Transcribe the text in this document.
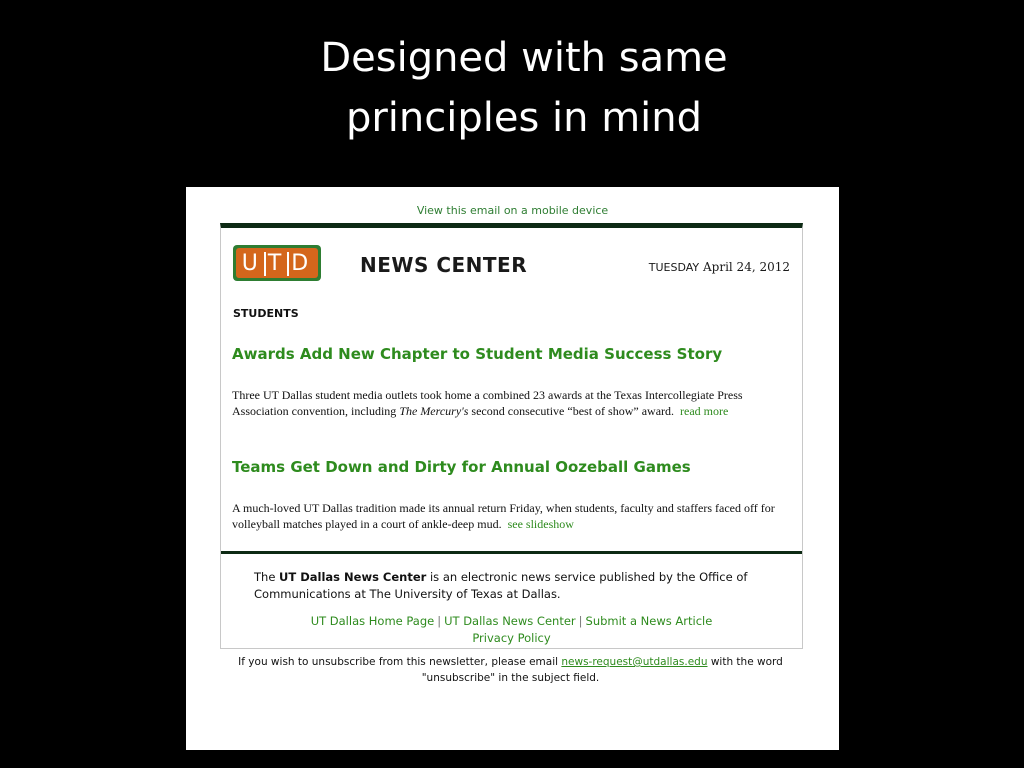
Designed with same
principles in mind
View this email on a mobile device
U T D NEWS CENTER	TUESDAY April 24, 2012
STUDENTS
Awards Add New Chapter to Student Media Success Story
Three UT Dallas student media outlets took home a combined 23 awards at the Texas Intercollegiate Press Association convention, including The Mercury's second consecutive “best of show” award. read more
Teams Get Down and Dirty for Annual Oozeball Games
A much-loved UT Dallas tradition made its annual return Friday, when students, faculty and staffers faced off for volleyball matches played in a court of ankle-deep mud. see slideshow
The UT Dallas News Center is an electronic news service published by the Office of Communications at The University of Texas at Dallas.
UT Dallas Home Page | UT Dallas News Center | Submit a News Article
Privacy Policy
If you wish to unsubscribe from this newsletter, please email news-request@utdallas.edu with the word "unsubscribe" in the subject field.
